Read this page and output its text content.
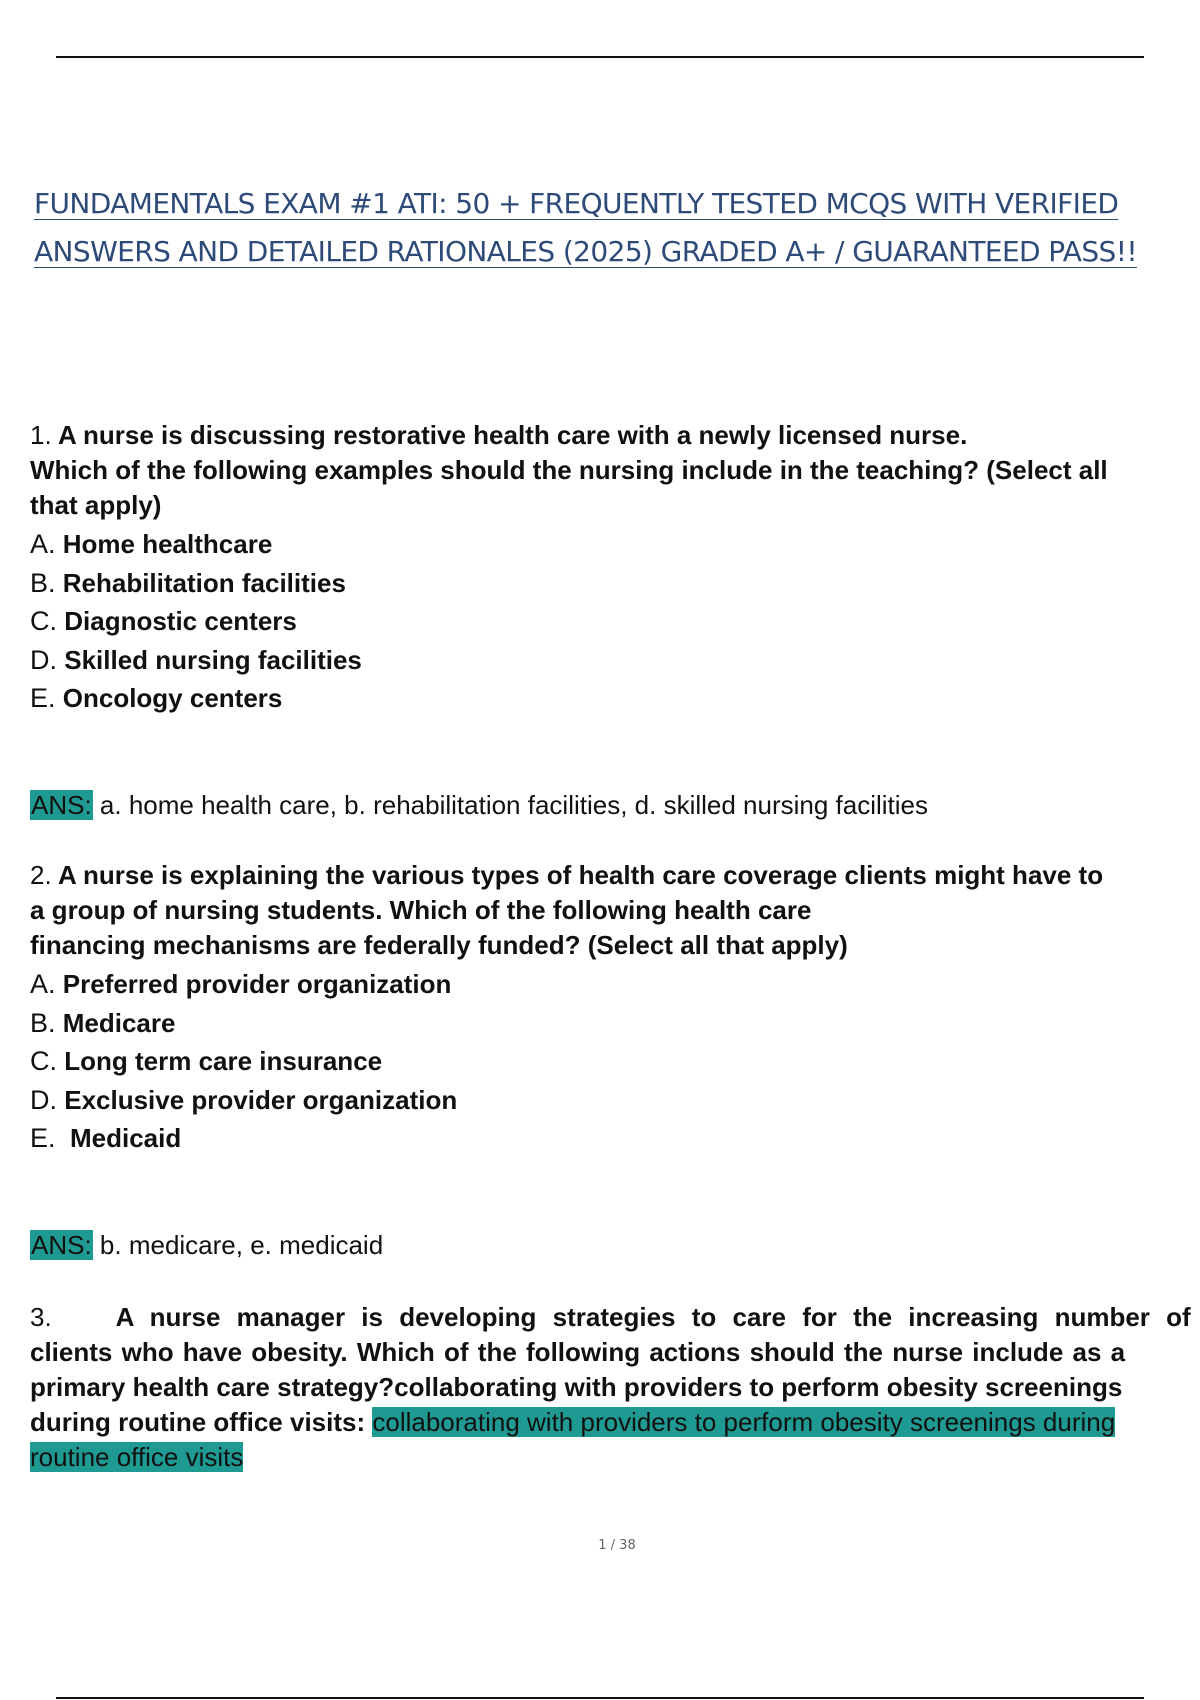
FUNDAMENTALS EXAM #1 ATI: 50 + FREQUENTLY TESTED MCQS WITH VERIFIED
ANSWERS AND DETAILED RATIONALES (2025) GRADED A+ / GUARANTEED PASS!!
1. A nurse is discussing restorative health care with a newly licensed nurse.
Which of the following examples should the nursing include in the teaching? (Select all
that apply)
A. Home healthcare
B. Rehabilitation facilities
C. Diagnostic centers
D. Skilled nursing facilities
E. Oncology centers
ANS: a. home health care, b. rehabilitation facilities, d. skilled nursing facilities
2. A nurse is explaining the various types of health care coverage clients might have to
a group of nursing students. Which of the following health care
financing mechanisms are federally funded? (Select all that apply)
A. Preferred provider organization
B. Medicare
C. Long term care insurance
D. Exclusive provider organization
E.  Medicaid
ANS: b. medicare, e. medicaid
3. A nurse manager is developing strategies to care for the increasing number of
clients who have obesity. Which of the following actions should the nurse include as a
primary health care strategy?collaborating with providers to perform obesity screenings
during routine office visits: collaborating with providers to perform obesity screenings during
routine office visits
1 / 38
